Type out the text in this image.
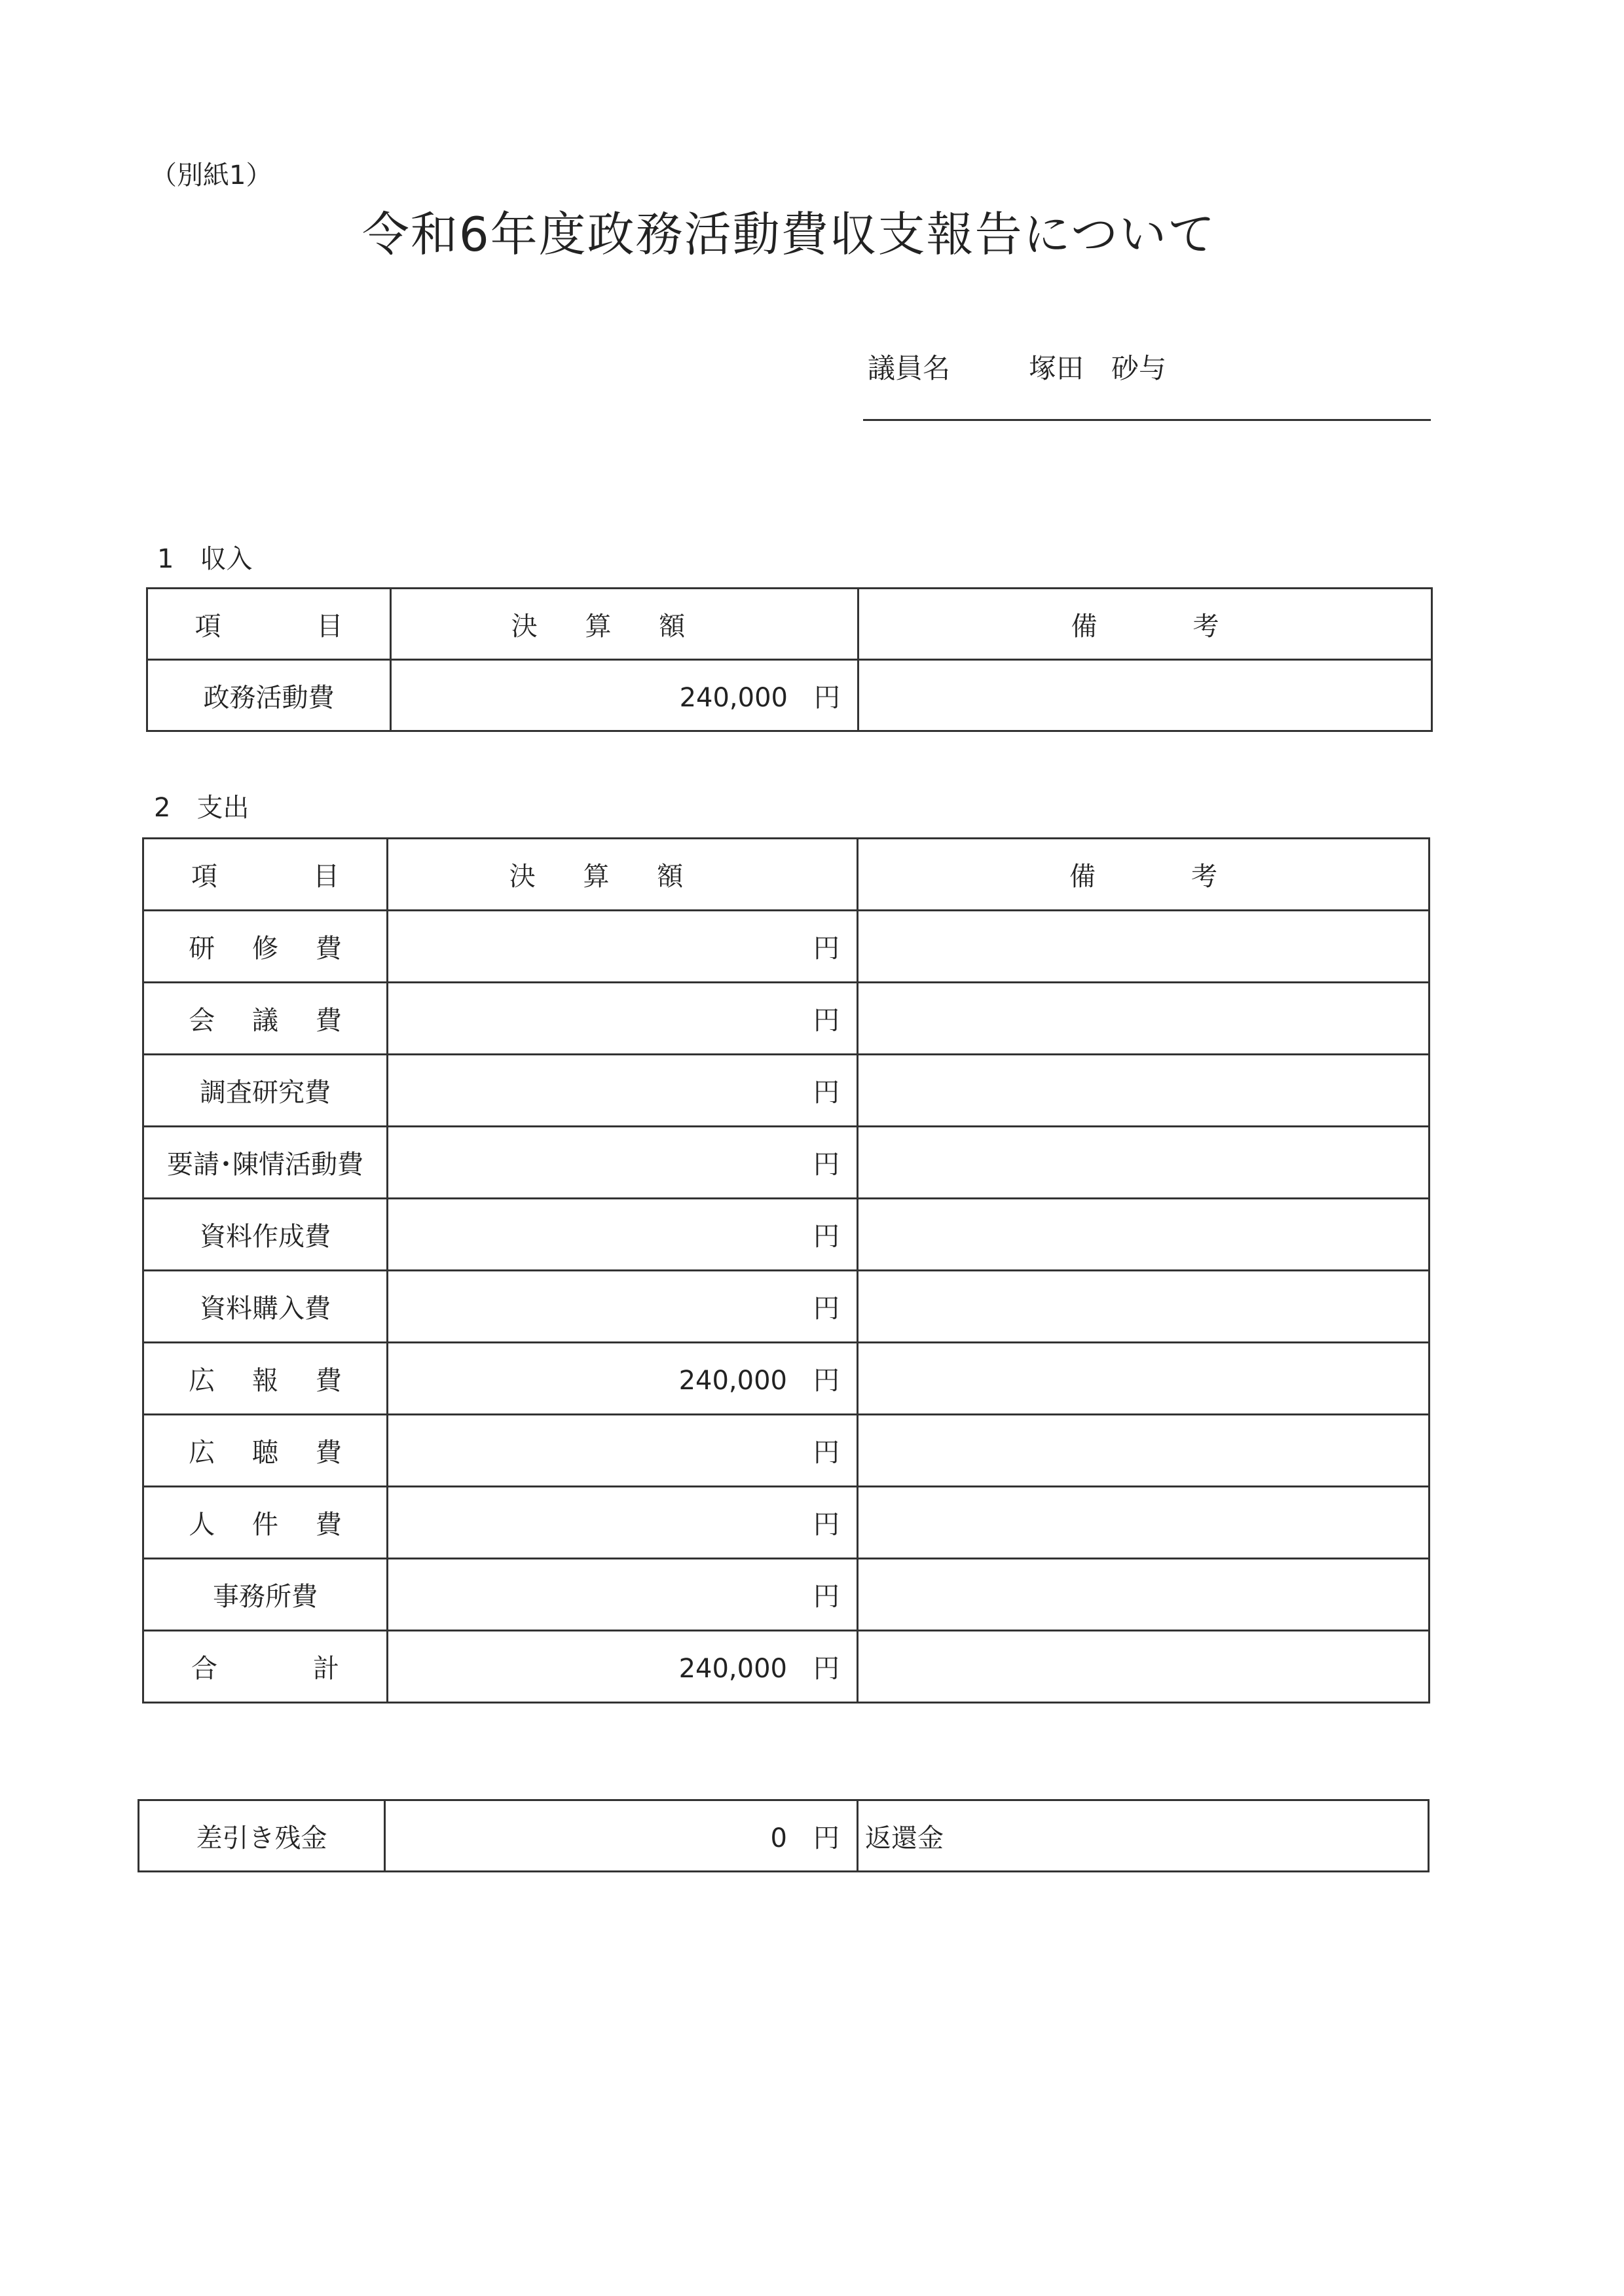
（別紙1）
令和6年度政務活動費収支報告について
議員名	塚田　砂与
1　収入
項　　目	決 算 額	備　　考
政務活動費	240,000 円	
2　支出
項　　目	決 算 額	備　　考
研 修 費	円	
会 議 費	円	
調査研究費	円	
要請･陳情活動費	円	
資料作成費	円	
資料購入費	円	
広 報 費	240,000 円	
広 聴 費	円	
人 件 費	円	
事務所費	円	
合　　計	240,000 円	
差引き残金	0 円	返還金
